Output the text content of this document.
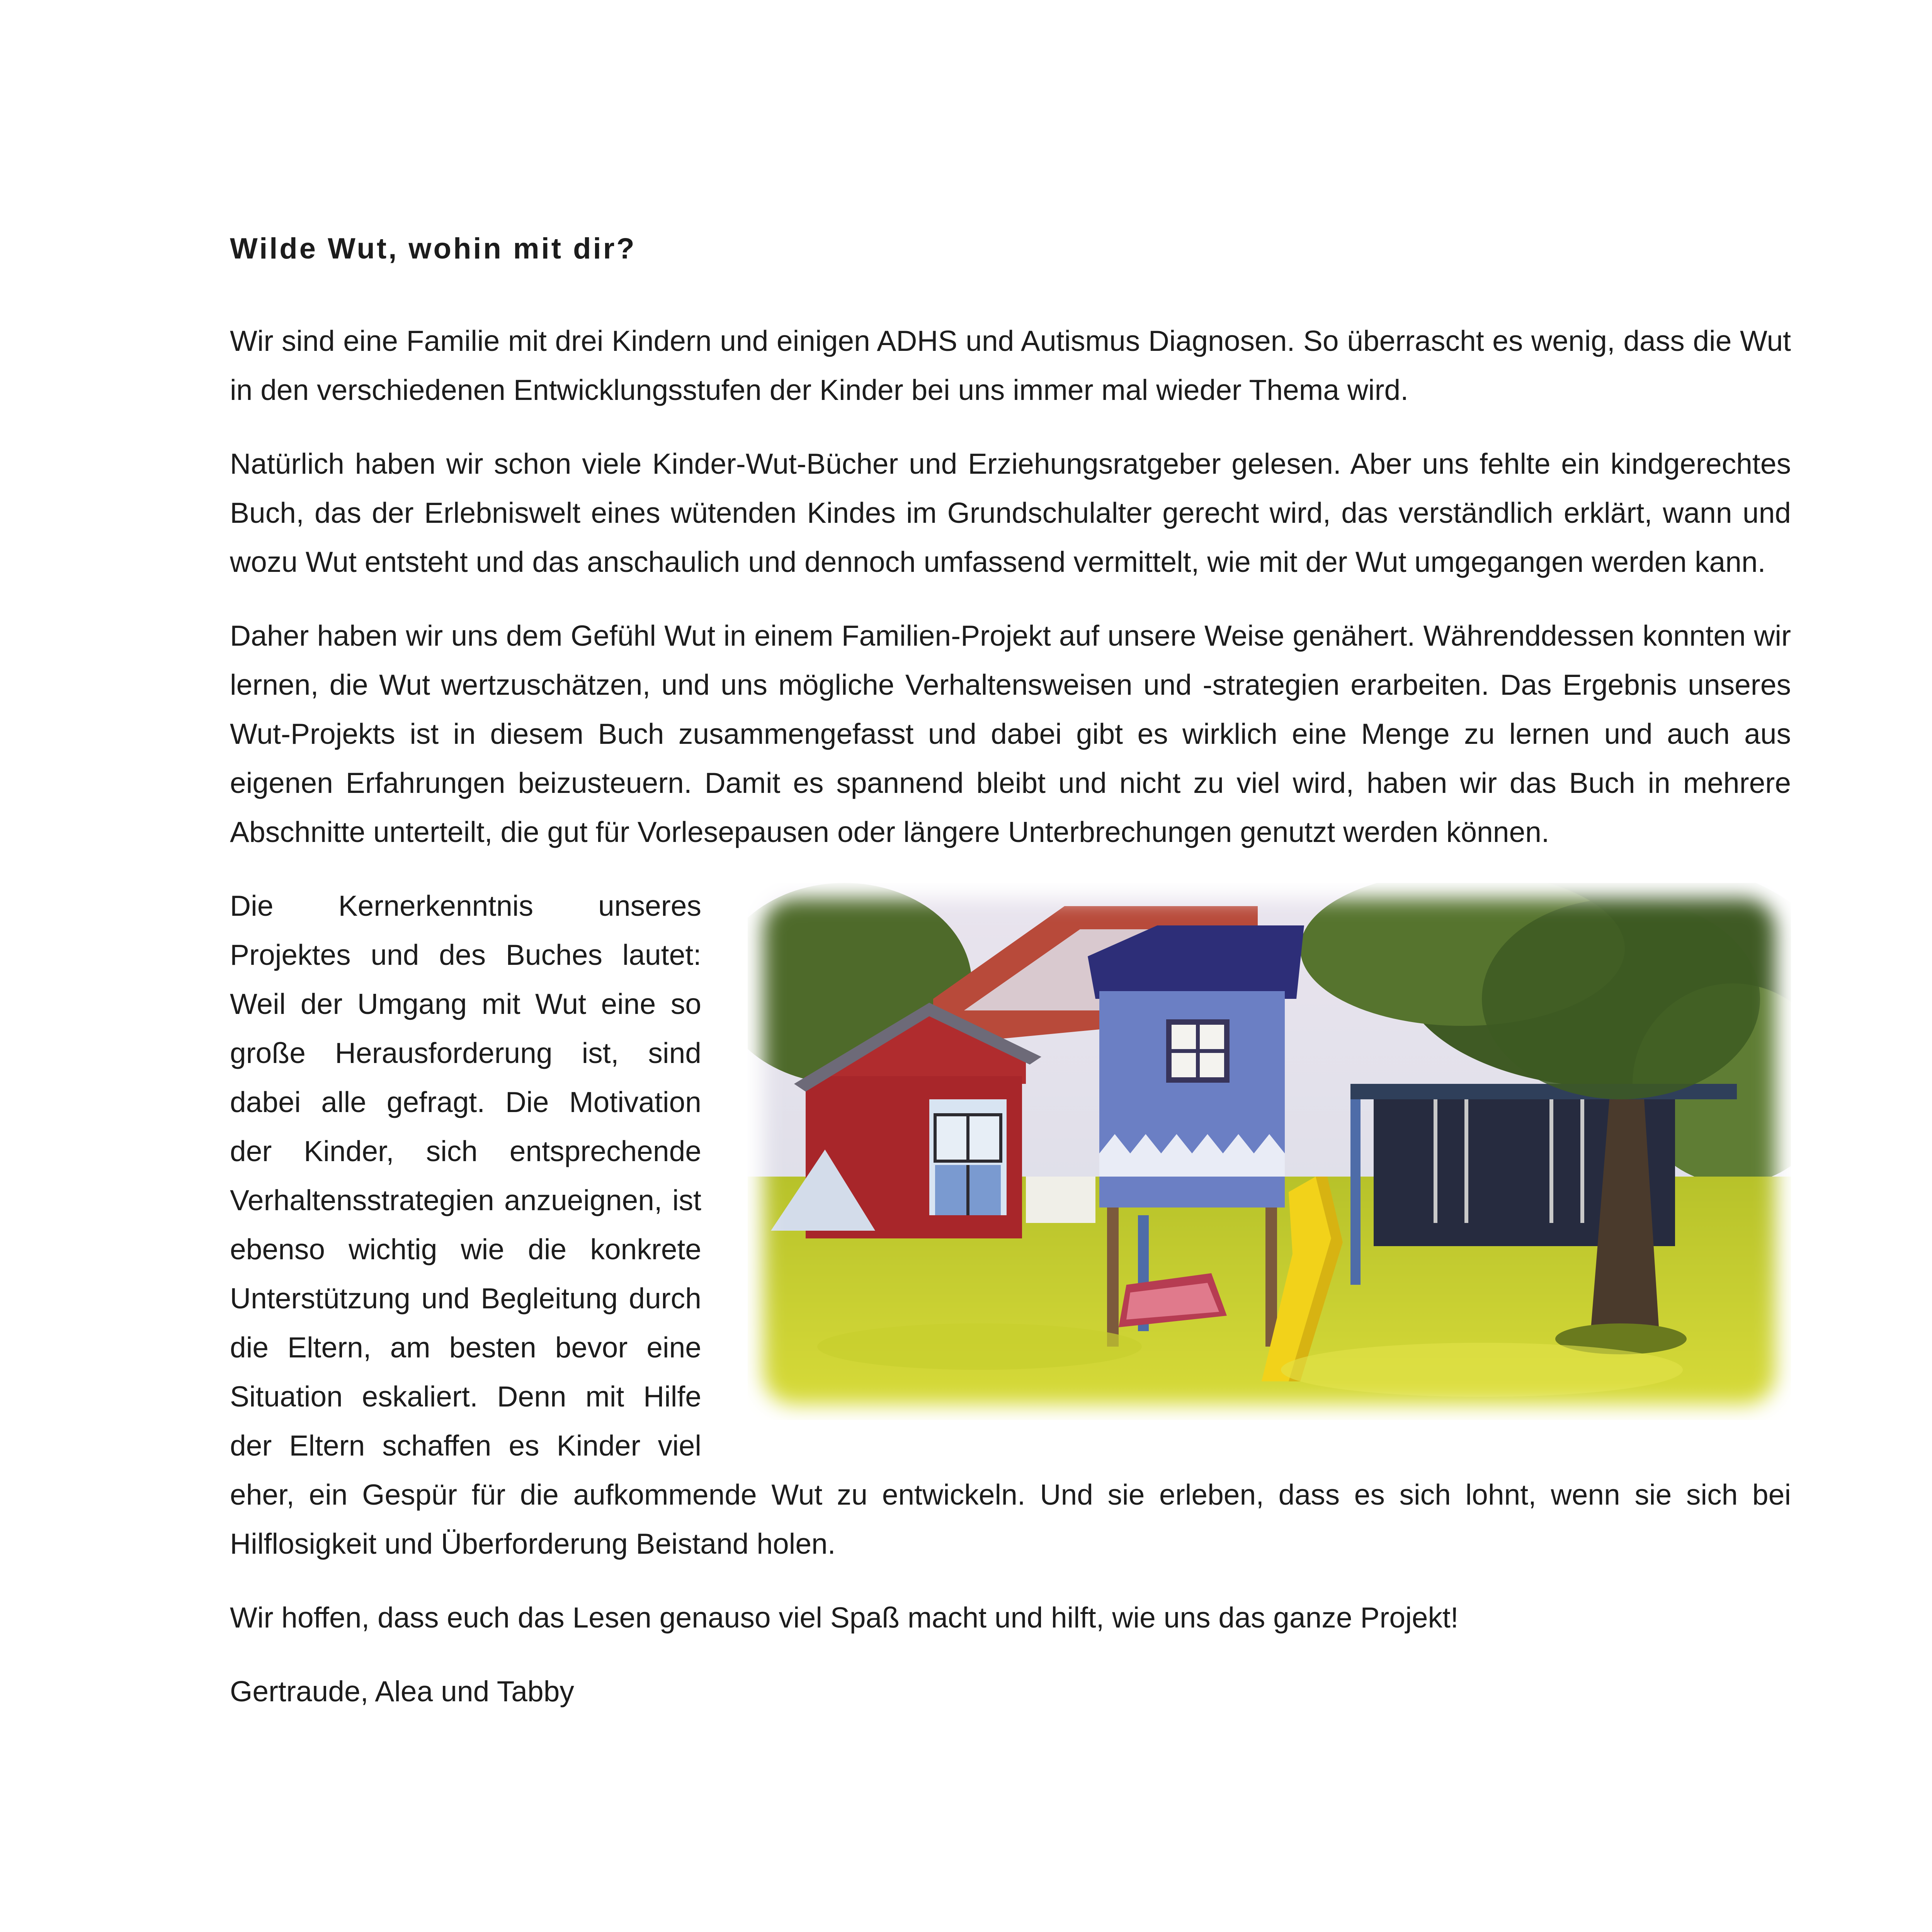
Wilde Wut, wohin mit dir?

Wir sind eine Familie mit drei Kindern und einigen ADHS und Autismus Diagnosen. So überrascht es wenig, dass die Wut in den verschiedenen Entwicklungsstufen der Kinder bei uns immer mal wieder Thema wird.

Natürlich haben wir schon viele Kinder-Wut-Bücher und Erziehungsratgeber gelesen. Aber uns fehlte ein kindgerechtes Buch, das der Erlebniswelt eines wütenden Kindes im Grundschulalter gerecht wird, das verständlich erklärt, wann und wozu Wut entsteht und das anschaulich und dennoch umfassend vermittelt, wie mit der Wut umgegangen werden kann.

Daher haben wir uns dem Gefühl Wut in einem Familien-Projekt auf unsere Weise genähert. Währenddessen konnten wir lernen, die Wut wertzuschätzen, und uns mögliche Verhaltensweisen und -strategien erarbeiten. Das Ergebnis unseres Wut-Projekts ist in diesem Buch zusammengefasst und dabei gibt es wirklich eine Menge zu lernen und auch aus eigenen Erfahrungen beizusteuern. Damit es spannend bleibt und nicht zu viel wird, haben wir das Buch in mehrere Abschnitte unterteilt, die gut für Vorlesepausen oder längere Unterbrechungen genutzt werden können.

Die Kernerkenntnis unseres Projektes und des Buches lautet: Weil der Umgang mit Wut eine so große Herausforderung ist, sind dabei alle gefragt. Die Motivation der Kinder, sich entsprechende Verhaltensstrategien anzueignen, ist ebenso wichtig wie die konkrete Unterstützung und Begleitung durch die Eltern, am besten bevor eine Situation eskaliert. Denn mit Hilfe der Eltern schaffen es Kinder viel eher, ein Gespür für die aufkommende Wut zu entwickeln. Und sie erleben, dass es sich lohnt, wenn sie sich bei Hilflosigkeit und Überforderung Beistand holen.

Wir hoffen, dass euch das Lesen genauso viel Spaß macht und hilft, wie uns das ganze Projekt!

Gertraude, Alea und Tabby
